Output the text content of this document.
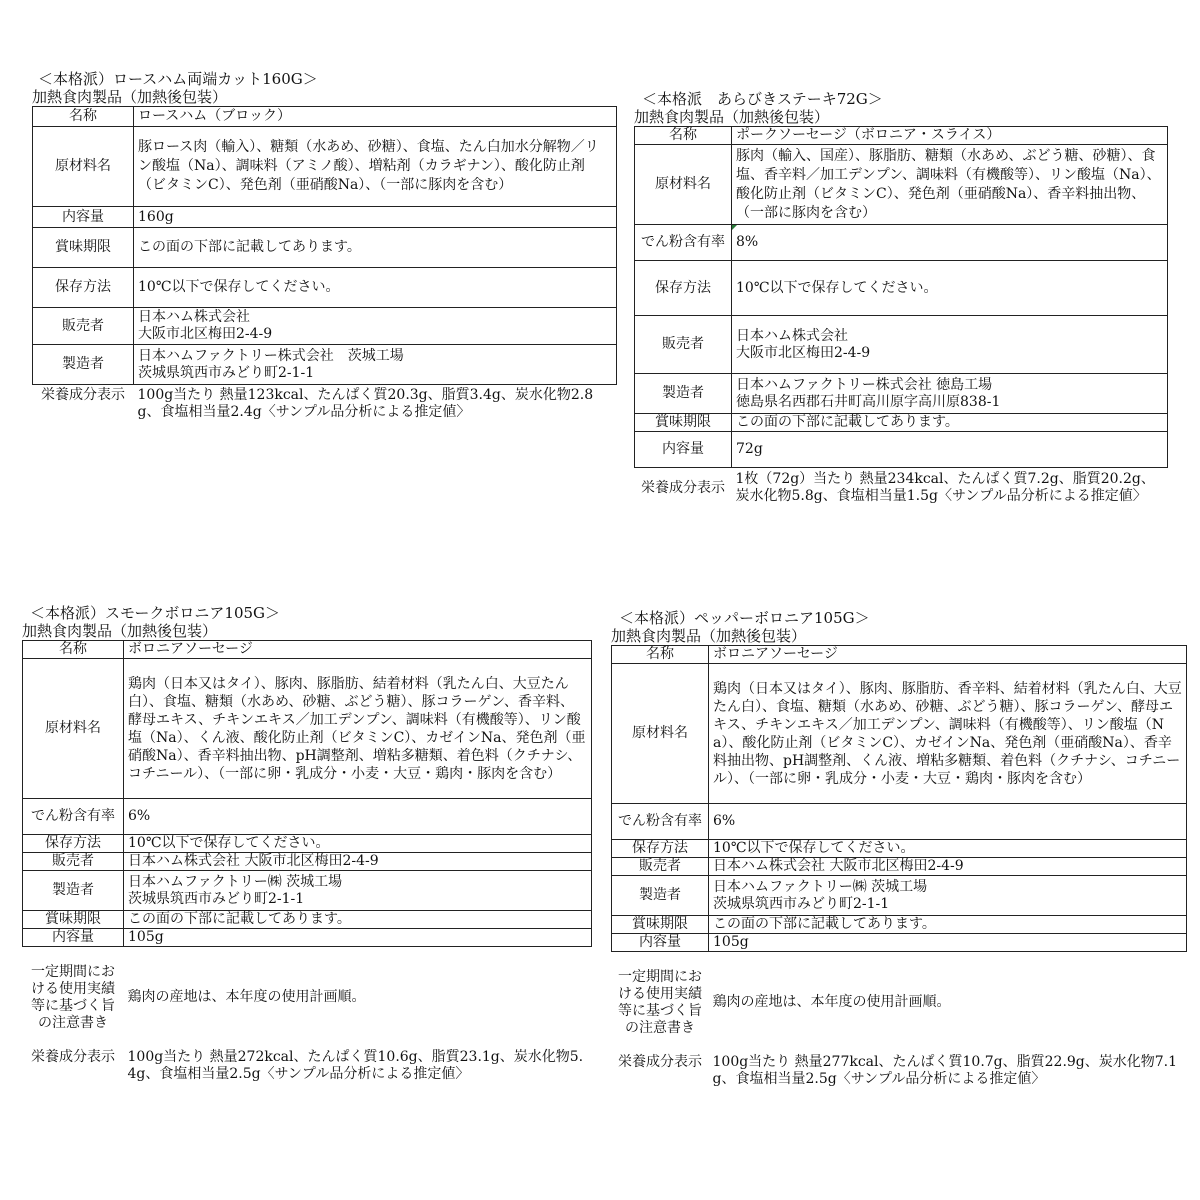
＜本格派）ロースハム両端カット160G＞
加熱食肉製品（加熱後包装）
名称	ロースハム（ブロック）
原材料名	豚ロース肉（輸入）、糖類（水あめ、砂糖）、食塩、たん白加水分解物／リン酸塩（Na）、調味料（アミノ酸）、増粘剤（カラギナン）、酸化防止剤（ビタミンC）、発色剤（亜硝酸Na）、（一部に豚肉を含む）
内容量	160g
賞味期限	この面の下部に記載してあります。
保存方法	10℃以下で保存してください。
販売者	日本ハム株式会社
大阪市北区梅田2-4-9
製造者	日本ハムファクトリー株式会社　茨城工場
茨城県筑西市みどり町2-1-1
栄養成分表示	100g当たり 熱量123kcal、たんぱく質20.3g、脂質3.4g、炭水化物2.8g、食塩相当量2.4g〈サンプル品分析による推定値〉
＜本格派　あらびきステーキ72G＞
加熱食肉製品（加熱後包装）
名称	ポークソーセージ（ボロニア・スライス）
原材料名	豚肉（輸入、国産）、豚脂肪、糖類（水あめ、ぶどう糖、砂糖）、食塩、香辛料／加工デンプン、調味料（有機酸等）、リン酸塩（Na）、酸化防止剤（ビタミンC）、発色剤（亜硝酸Na）、香辛料抽出物、（一部に豚肉を含む）
でん粉含有率	8%
保存方法	10℃以下で保存してください。
販売者	日本ハム株式会社
大阪市北区梅田2-4-9
製造者	日本ハムファクトリー株式会社 徳島工場
徳島県名西郡石井町高川原字高川原838-1
賞味期限	この面の下部に記載してあります。
内容量	72g
栄養成分表示	1枚（72g）当たり 熱量234kcal、たんぱく質7.2g、脂質20.2g、炭水化物5.8g、食塩相当量1.5g〈サンプル品分析による推定値〉
＜本格派）スモークボロニア105G＞
加熱食肉製品（加熱後包装）
名称	ボロニアソーセージ
原材料名	鶏肉（日本又はタイ）、豚肉、豚脂肪、結着材料（乳たん白、大豆たん白）、食塩、糖類（水あめ、砂糖、ぶどう糖）、豚コラーゲン、香辛料、酵母エキス、チキンエキス／加工デンプン、調味料（有機酸等）、リン酸塩（Na）、くん液、酸化防止剤（ビタミンC）、カゼインNa、発色剤（亜硝酸Na）、香辛料抽出物、pH調整剤、増粘多糖類、着色料（クチナシ、コチニール）、（一部に卵・乳成分・小麦・大豆・鶏肉・豚肉を含む）
でん粉含有率	6%
保存方法	10℃以下で保存してください。
販売者	日本ハム株式会社 大阪市北区梅田2-4-9
製造者	日本ハムファクトリー㈱ 茨城工場
茨城県筑西市みどり町2-1-1
賞味期限	この面の下部に記載してあります。
内容量	105g
一定期間における使用実績等に基づく旨の注意書き	鶏肉の産地は、本年度の使用計画順。
栄養成分表示	100g当たり 熱量272kcal、たんぱく質10.6g、脂質23.1g、炭水化物5.4g、食塩相当量2.5g〈サンプル品分析による推定値〉
＜本格派）ペッパーボロニア105G＞
加熱食肉製品（加熱後包装）
名称	ボロニアソーセージ
原材料名	鶏肉（日本又はタイ）、豚肉、豚脂肪、香辛料、結着材料（乳たん白、大豆たん白）、食塩、糖類（水あめ、砂糖、ぶどう糖）、豚コラーゲン、酵母エキス、チキンエキス／加工デンプン、調味料（有機酸等）、リン酸塩（Na）、酸化防止剤（ビタミンC）、カゼインNa、発色剤（亜硝酸Na）、香辛料抽出物、pH調整剤、くん液、増粘多糖類、着色料（クチナシ、コチニール）、（一部に卵・乳成分・小麦・大豆・鶏肉・豚肉を含む）
でん粉含有率	6%
保存方法	10℃以下で保存してください。
販売者	日本ハム株式会社 大阪市北区梅田2-4-9
製造者	日本ハムファクトリー㈱ 茨城工場
茨城県筑西市みどり町2-1-1
賞味期限	この面の下部に記載してあります。
内容量	105g
一定期間における使用実績等に基づく旨の注意書き	鶏肉の産地は、本年度の使用計画順。
栄養成分表示	100g当たり 熱量277kcal、たんぱく質10.7g、脂質22.9g、炭水化物7.1g、食塩相当量2.5g〈サンプル品分析による推定値〉
